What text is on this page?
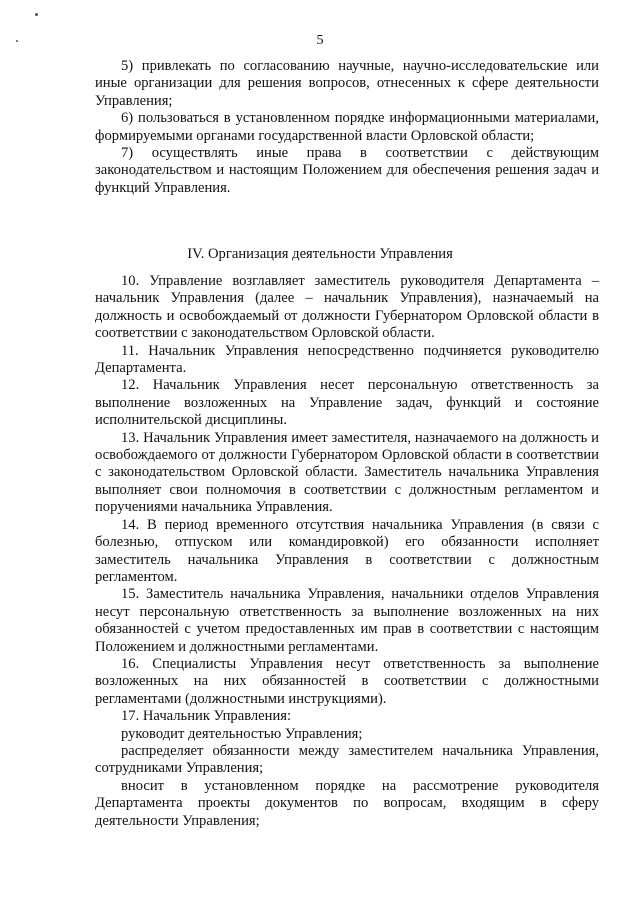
5

5) привлекать по согласованию научные, научно-исследовательские или иные организации для решения вопросов, отнесенных к сфере деятельности Управления;

6) пользоваться в установленном порядке информационными материалами, формируемыми органами государственной власти Орловской области;

7) осуществлять иные права в соответствии с действующим законодательством и настоящим Положением для обеспечения решения задач и функций Управления.

IV. Организация деятельности Управления

10. Управление возглавляет заместитель руководителя Департамента – начальник Управления (далее – начальник Управления), назначаемый на должность и освобождаемый от должности Губернатором Орловской области в соответствии с законодательством Орловской области.

11. Начальник Управления непосредственно подчиняется руководителю Департамента.

12. Начальник Управления несет персональную ответственность за выполнение возложенных на Управление задач, функций и состояние исполнительской дисциплины.

13. Начальник Управления имеет заместителя, назначаемого на должность и освобождаемого от должности Губернатором Орловской области в соответствии с законодательством Орловской области. Заместитель начальника Управления выполняет свои полномочия в соответствии с должностным регламентом и поручениями начальника Управления.

14. В период временного отсутствия начальника Управления (в связи с болезнью, отпуском или командировкой) его обязанности исполняет заместитель начальника Управления в соответствии с должностным регламентом.

15. Заместитель начальника Управления, начальники отделов Управления несут персональную ответственность за выполнение возложенных на них обязанностей с учетом предоставленных им прав в соответствии с настоящим Положением и должностными регламентами.

16. Специалисты Управления несут ответственность за выполнение возложенных на них обязанностей в соответствии с должностными регламентами (должностными инструкциями).

17. Начальник Управления:

руководит деятельностью Управления;

распределяет обязанности между заместителем начальника Управления, сотрудниками Управления;

вносит в установленном порядке на рассмотрение руководителя Департамента проекты документов по вопросам, входящим в сферу деятельности Управления;
